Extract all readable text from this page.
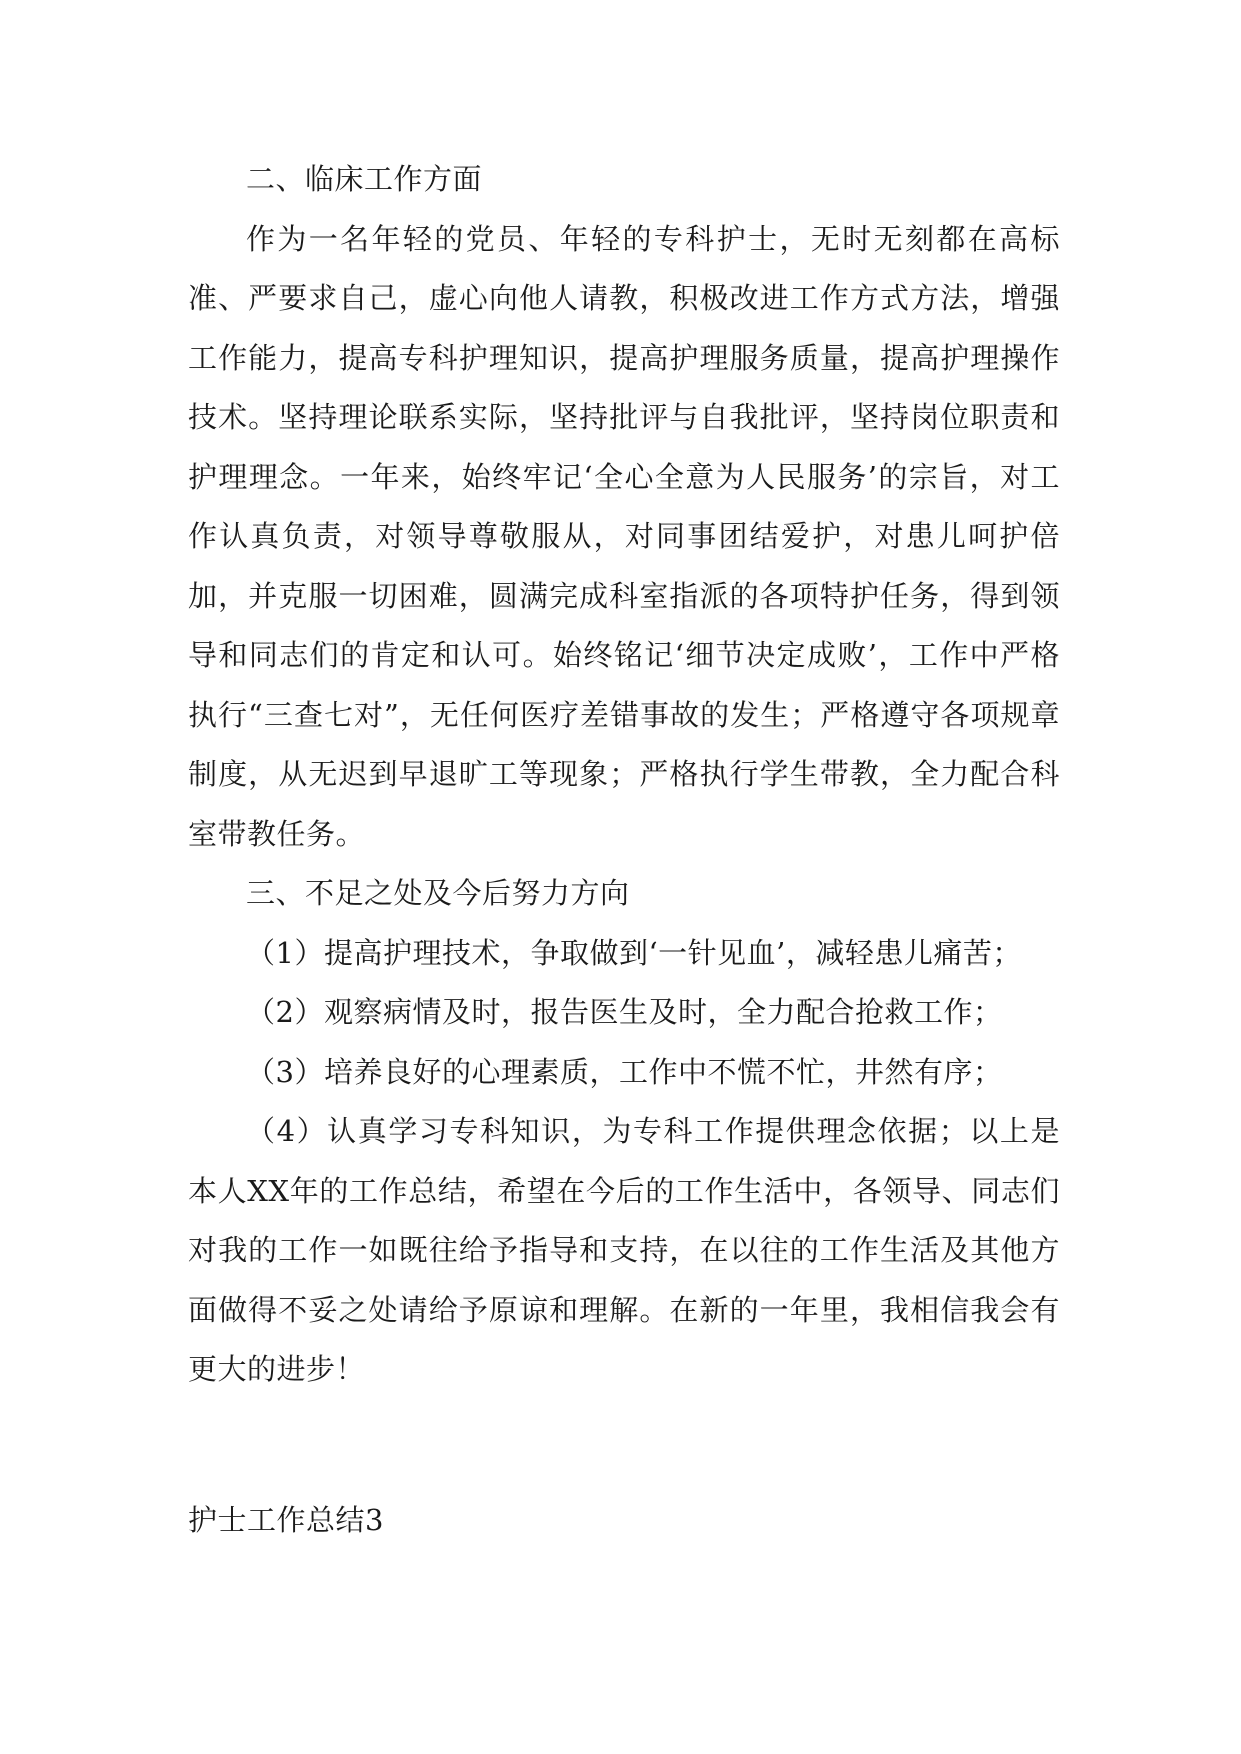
二、临床工作方面

作为一名年轻的党员、年轻的专科护士，无时无刻都在高标准、严要求自己，虚心向他人请教，积极改进工作方式方法，增强工作能力，提高专科护理知识，提高护理服务质量，提高护理操作技术。坚持理论联系实际，坚持批评与自我批评，坚持岗位职责和护理理念。一年来，始终牢记‘全心全意为人民服务’的宗旨，对工作认真负责，对领导尊敬服从，对同事团结爱护，对患儿呵护倍加，并克服一切困难，圆满完成科室指派的各项特护任务，得到领导和同志们的肯定和认可。始终铭记‘细节决定成败’，工作中严格执行“三查七对”，无任何医疗差错事故的发生；严格遵守各项规章制度，从无迟到早退旷工等现象；严格执行学生带教，全力配合科室带教任务。

三、不足之处及今后努力方向

（1）提高护理技术，争取做到‘一针见血’，减轻患儿痛苦；

（2）观察病情及时，报告医生及时，全力配合抢救工作；

（3）培养良好的心理素质，工作中不慌不忙，井然有序；

（4）认真学习专科知识，为专科工作提供理念依据；以上是本人XX年的工作总结，希望在今后的工作生活中，各领导、同志们对我的工作一如既往给予指导和支持，在以往的工作生活及其他方面做得不妥之处请给予原谅和理解。在新的一年里，我相信我会有更大的进步！

护士工作总结3
